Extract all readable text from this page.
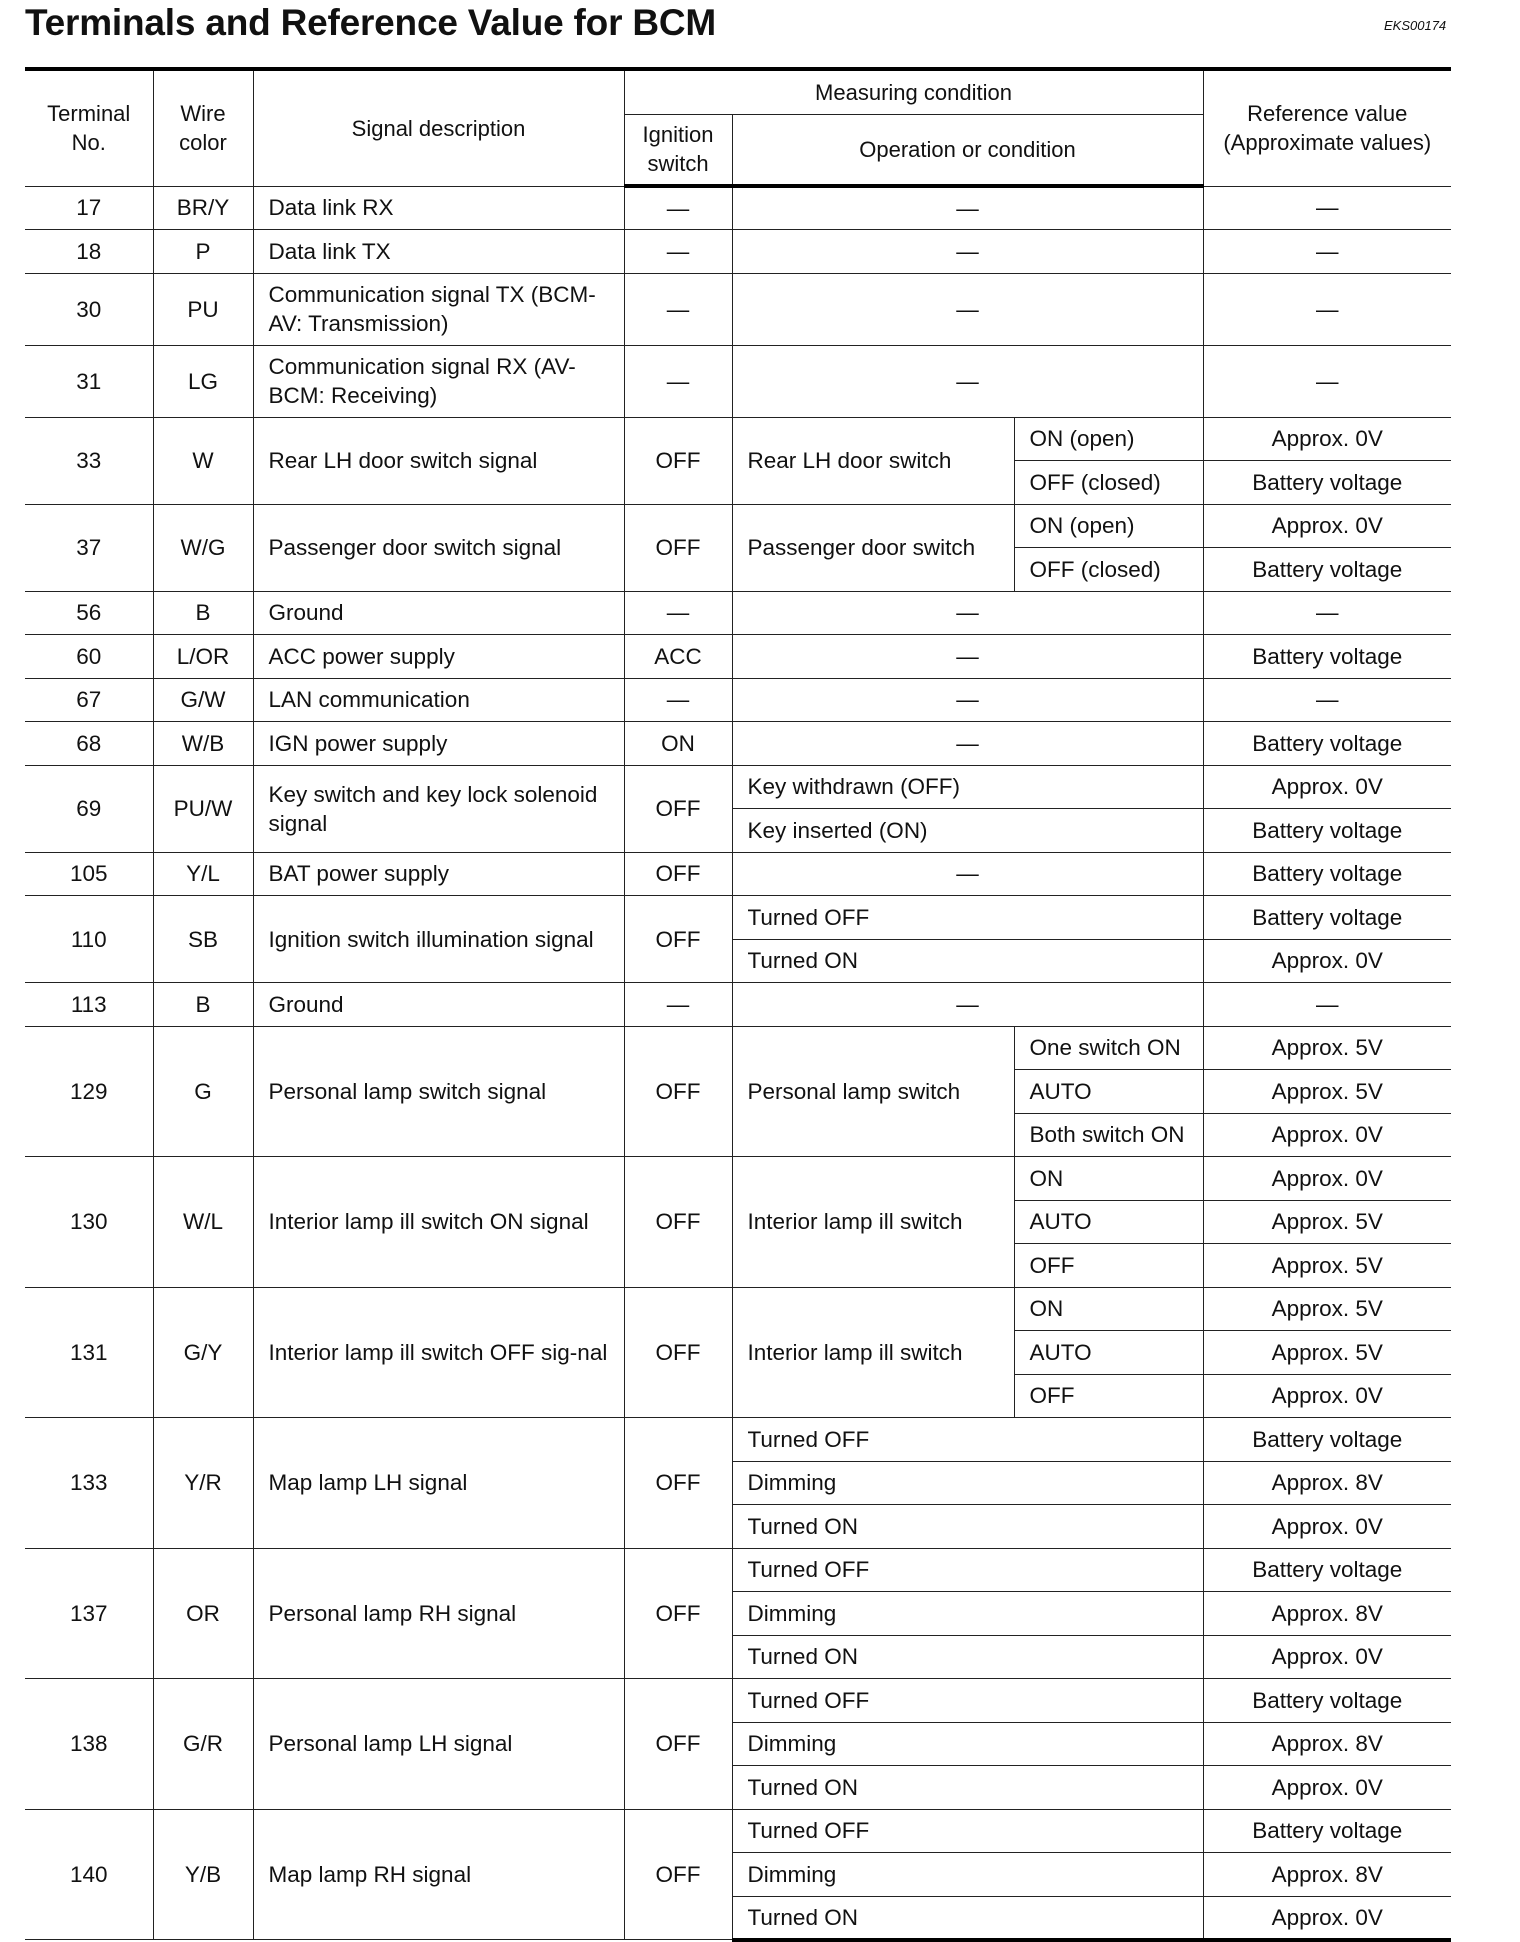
Terminals and Reference Value for BCM	EKS00174
Terminal No.	Wire color	Signal description	Measuring condition			Reference value (Approximate values)
			Ignition switch	Operation or condition		
17	BR/Y	Data link RX	—	—		—
18	P	Data link TX	—	—		—
30	PU	Communication signal TX (BCM-AV: Transmission)	—	—		—
31	LG	Communication signal RX (AV-BCM: Receiving)	—	—		—
33	W	Rear LH door switch signal	OFF	Rear LH door switch	ON (open)	Approx. 0V
					OFF (closed)	Battery voltage
37	W/G	Passenger door switch signal	OFF	Passenger door switch	ON (open)	Approx. 0V
					OFF (closed)	Battery voltage
56	B	Ground	—	—		—
60	L/OR	ACC power supply	ACC	—		Battery voltage
67	G/W	LAN communication	—	—		—
68	W/B	IGN power supply	ON	—		Battery voltage
69	PU/W	Key switch and key lock solenoid signal	OFF	Key withdrawn (OFF)		Approx. 0V
				Key inserted (ON)		Battery voltage
105	Y/L	BAT power supply	OFF	—		Battery voltage
110	SB	Ignition switch illumination signal	OFF	Turned OFF		Battery voltage
				Turned ON		Approx. 0V
113	B	Ground	—	—		—
129	G	Personal lamp switch signal	OFF	Personal lamp switch	One switch ON	Approx. 5V
					AUTO	Approx. 5V
					Both switch ON	Approx. 0V
130	W/L	Interior lamp ill switch ON signal	OFF	Interior lamp ill switch	ON	Approx. 0V
					AUTO	Approx. 5V
					OFF	Approx. 5V
131	G/Y	Interior lamp ill switch OFF sig-nal	OFF	Interior lamp ill switch	ON	Approx. 5V
					AUTO	Approx. 5V
					OFF	Approx. 0V
133	Y/R	Map lamp LH signal	OFF	Turned OFF		Battery voltage
				Dimming		Approx. 8V
				Turned ON		Approx. 0V
137	OR	Personal lamp RH signal	OFF	Turned OFF		Battery voltage
				Dimming		Approx. 8V
				Turned ON		Approx. 0V
138	G/R	Personal lamp LH signal	OFF	Turned OFF		Battery voltage
				Dimming		Approx. 8V
				Turned ON		Approx. 0V
140	Y/B	Map lamp RH signal	OFF	Turned OFF		Battery voltage
				Dimming		Approx. 8V
				Turned ON		Approx. 0V
